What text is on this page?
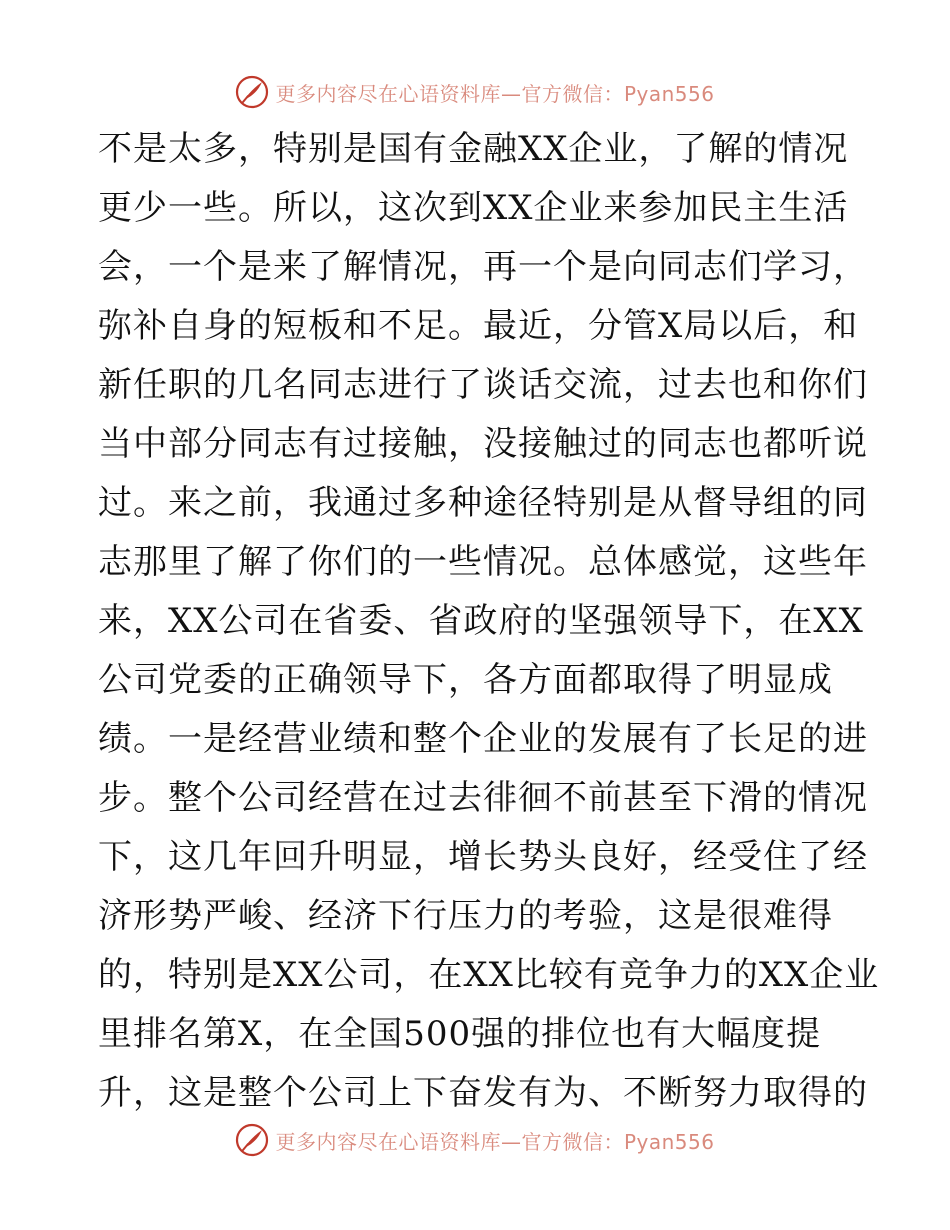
更多内容尽在心语资料库—官方微信：Pyan556
不是太多，特别是国有金融XX企业，了解的情况
更少一些。所以，这次到XX企业来参加民主生活
会，一个是来了解情况，再一个是向同志们学习，
弥补自身的短板和不足。最近，分管X局以后，和
新任职的几名同志进行了谈话交流，过去也和你们
当中部分同志有过接触，没接触过的同志也都听说
过。来之前，我通过多种途径特别是从督导组的同
志那里了解了你们的一些情况。总体感觉，这些年
来，XX公司在省委、省政府的坚强领导下，在XX
公司党委的正确领导下，各方面都取得了明显成
绩。一是经营业绩和整个企业的发展有了长足的进
步。整个公司经营在过去徘徊不前甚至下滑的情况
下，这几年回升明显，增长势头良好，经受住了经
济形势严峻、经济下行压力的考验，这是很难得
的，特别是XX公司，在XX比较有竞争力的XX企业
里排名第X，在全国500强的排位也有大幅度提
升，这是整个公司上下奋发有为、不断努力取得的
更多内容尽在心语资料库—官方微信：Pyan556
